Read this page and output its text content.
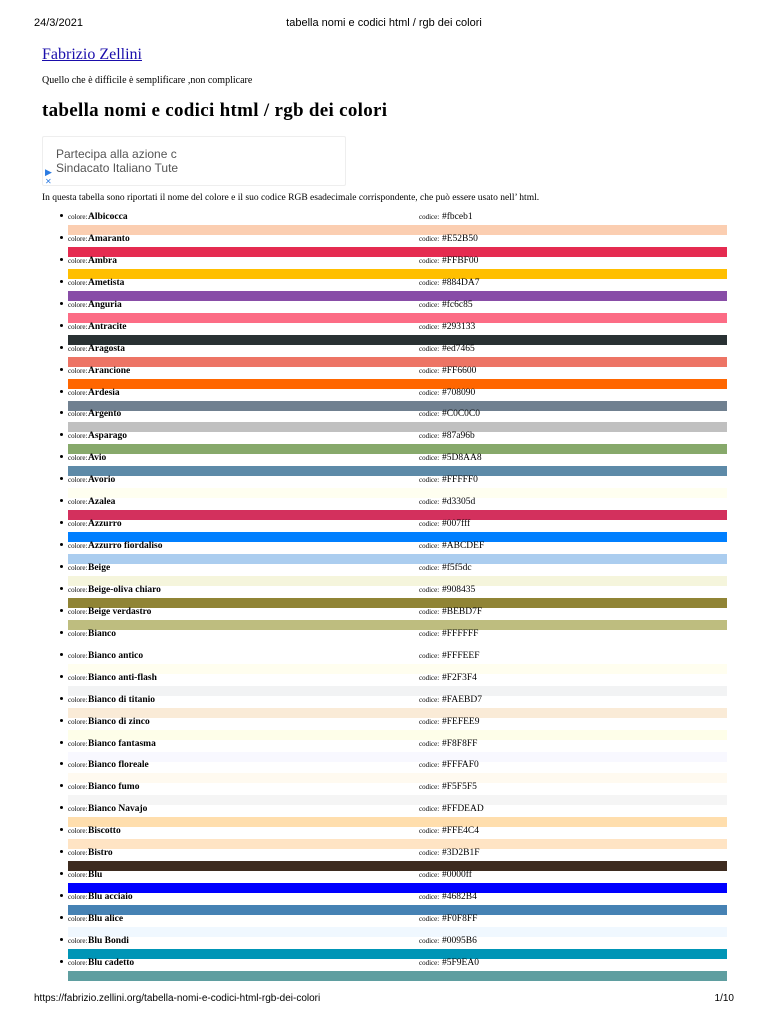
24/3/2021	tabella nomi e codici html / rgb dei colori
Fabrizio Zellini
Quello che è difficile è semplificare ,non complicare
tabella nomi e codici html / rgb dei colori
Partecipa alla azione c
Sindacato Italiano Tute
▶
✕
In questa tabella sono riportati il nome del colore e il suo codice RGB esadecimale corrispondente, che può essere usato nell’ html.
colore: Albicocca	codice: #fbceb1
colore: Amaranto	codice: #E52B50
colore: Ambra	codice: #FFBF00
colore: Ametista	codice: #884DA7
colore: Anguria	codice: #fc6c85
colore: Antracite	codice: #293133
colore: Aragosta	codice: #ed7465
colore: Arancione	codice: #FF6600
colore: Ardesia	codice: #708090
colore: Argento	codice: #C0C0C0
colore: Asparago	codice: #87a96b
colore: Avio	codice: #5D8AA8
colore: Avorio	codice: #FFFFF0
colore: Azalea	codice: #d3305d
colore: Azzurro	codice: #007fff
colore: Azzurro fiordaliso	codice: #ABCDEF
colore: Beige	codice: #f5f5dc
colore: Beige-oliva chiaro	codice: #908435
colore: Beige verdastro	codice: #BEBD7F
colore: Bianco	codice: #FFFFFF
colore: Bianco antico	codice: #FFFEEF
colore: Bianco anti-flash	codice: #F2F3F4
colore: Bianco di titanio	codice: #FAEBD7
colore: Bianco di zinco	codice: #FEFEE9
colore: Bianco fantasma	codice: #F8F8FF
colore: Bianco floreale	codice: #FFFAF0
colore: Bianco fumo	codice: #F5F5F5
colore: Bianco Navajo	codice: #FFDEAD
colore: Biscotto	codice: #FFE4C4
colore: Bistro	codice: #3D2B1F
colore: Blu	codice: #0000ff
colore: Blu acciaio	codice: #4682B4
colore: Blu alice	codice: #F0F8FF
colore: Blu Bondi	codice: #0095B6
colore: Blu cadetto	codice: #5F9EA0
https://fabrizio.zellini.org/tabella-nomi-e-codici-html-rgb-dei-colori	1/10
